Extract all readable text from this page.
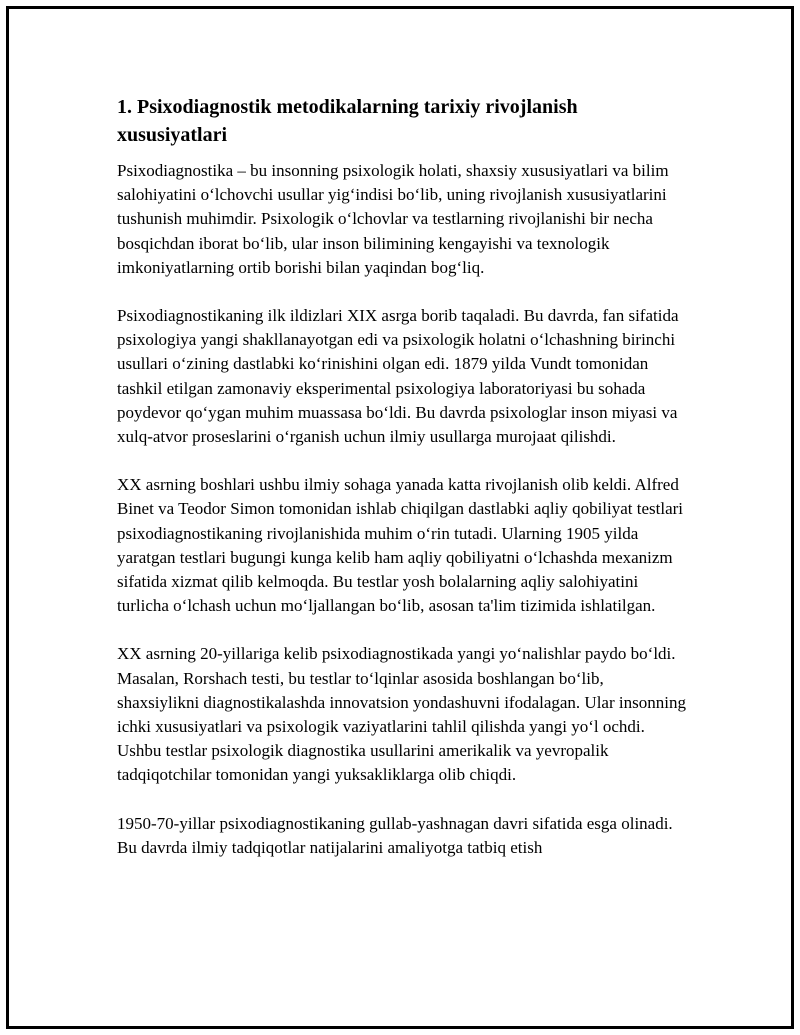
1. Psixodiagnostik metodikalarning tarixiy rivojlanish xususiyatlari

Psixodiagnostika – bu insonning psixologik holati, shaxsiy xususiyatlari va bilim salohiyatini o‘lchovchi usullar yig‘indisi bo‘lib, uning rivojlanish xususiyatlarini tushunish muhimdir. Psixologik o‘lchovlar va testlarning rivojlanishi bir necha bosqichdan iborat bo‘lib, ular inson bilimining kengayishi va texnologik imkoniyatlarning ortib borishi bilan yaqindan bog‘liq.

Psixodiagnostikaning ilk ildizlari XIX asrga borib taqaladi. Bu davrda, fan sifatida psixologiya yangi shakllanayotgan edi va psixologik holatni o‘lchashning birinchi usullari o‘zining dastlabki ko‘rinishini olgan edi. 1879 yilda Vundt tomonidan tashkil etilgan zamonaviy eksperimental psixologiya laboratoriyasi bu sohada poydevor qo‘ygan muhim muassasa bo‘ldi. Bu davrda psixologlar inson miyasi va xulq-atvor proseslarini o‘rganish uchun ilmiy usullarga murojaat qilishdi.

XX asrning boshlari ushbu ilmiy sohaga yanada katta rivojlanish olib keldi. Alfred Binet va Teodor Simon tomonidan ishlab chiqilgan dastlabki aqliy qobiliyat testlari psixodiagnostikaning rivojlanishida muhim o‘rin tutadi. Ularning 1905 yilda yaratgan testlari bugungi kunga kelib ham aqliy qobiliyatni o‘lchashda mexanizm sifatida xizmat qilib kelmoqda. Bu testlar yosh bolalarning aqliy salohiyatini turlicha o‘lchash uchun mo‘ljallangan bo‘lib, asosan ta'lim tizimida ishlatilgan.

XX asrning 20-yillariga kelib psixodiagnostikada yangi yo‘nalishlar paydo bo‘ldi. Masalan, Rorshach testi, bu testlar to‘lqinlar asosida boshlangan bo‘lib, shaxsiylikni diagnostikalashda innovatsion yondashuvni ifodalagan. Ular insonning ichki xususiyatlari va psixologik vaziyatlarini tahlil qilishda yangi yo‘l ochdi. Ushbu testlar psixologik diagnostika usullarini amerikalik va yevropalik tadqiqotchilar tomonidan yangi yuksakliklarga olib chiqdi.

1950-70-yillar psixodiagnostikaning gullab-yashnagan davri sifatida esga olinadi. Bu davrda ilmiy tadqiqotlar natijalarini amaliyotga tatbiq etish
